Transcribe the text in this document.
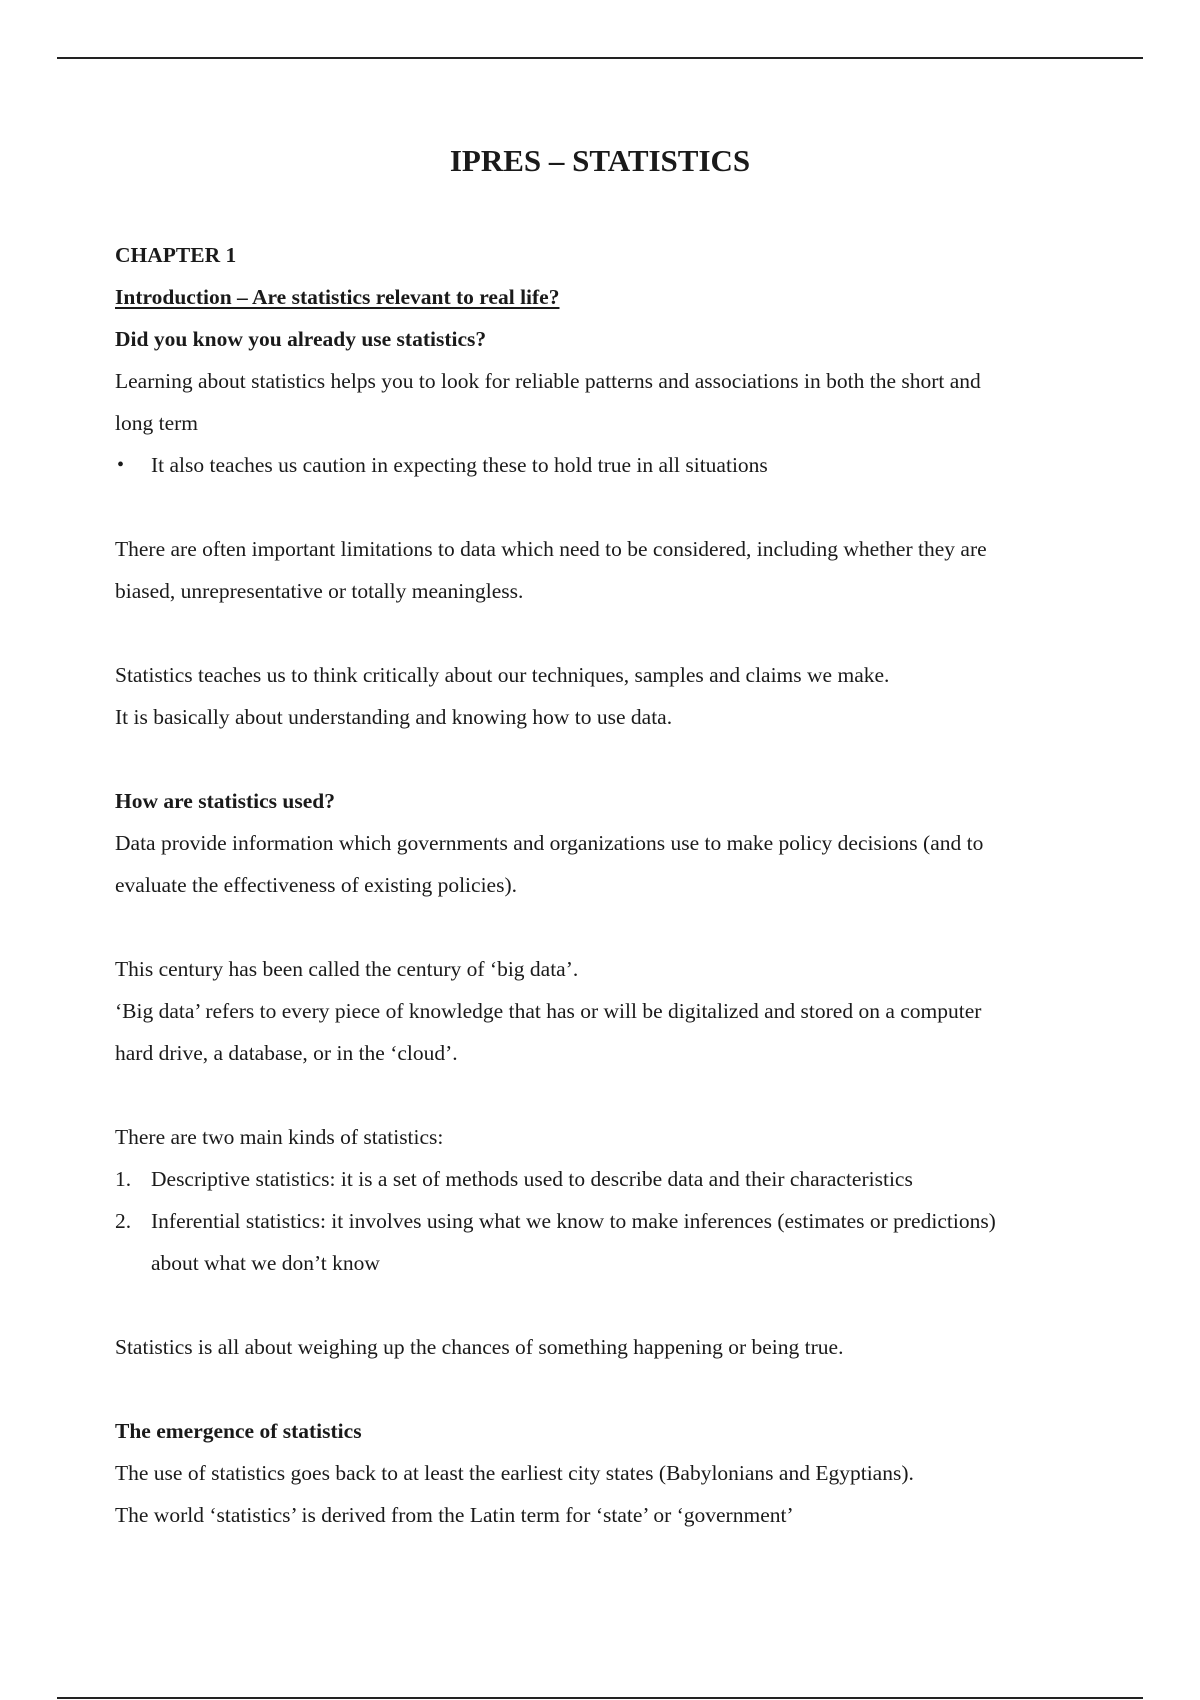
IPRES – STATISTICS

CHAPTER 1

Introduction – Are statistics relevant to real life?

Did you know you already use statistics?

Learning about statistics helps you to look for reliable patterns and associations in both the short and

long term

• It also teaches us caution in expecting these to hold true in all situations

There are often important limitations to data which need to be considered, including whether they are

biased, unrepresentative or totally meaningless.

Statistics teaches us to think critically about our techniques, samples and claims we make.

It is basically about understanding and knowing how to use data.

How are statistics used?

Data provide information which governments and organizations use to make policy decisions (and to

evaluate the effectiveness of existing policies).

This century has been called the century of ‘big data’.

‘Big data’ refers to every piece of knowledge that has or will be digitalized and stored on a computer

hard drive, a database, or in the ‘cloud’.

There are two main kinds of statistics:

1. Descriptive statistics: it is a set of methods used to describe data and their characteristics

2. Inferential statistics: it involves using what we know to make inferences (estimates or predictions)

about what we don’t know

Statistics is all about weighing up the chances of something happening or being true.

The emergence of statistics

The use of statistics goes back to at least the earliest city states (Babylonians and Egyptians).

The world ‘statistics’ is derived from the Latin term for ‘state’ or ‘government’
